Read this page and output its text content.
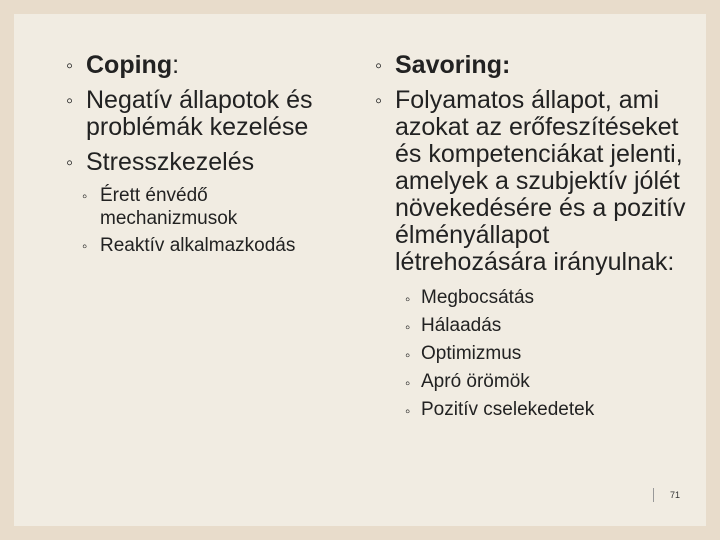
◦
Coping:
◦
Negatív állapotok és problémák kezelése
◦
Stresszkezelés
◦
Érett énvédő mechanizmusok
◦
Reaktív alkalmazkodás
◦
Savoring:
◦
Folyamatos állapot, ami azokat az erőfeszítéseket és kompetenciákat jelenti, amelyek a szubjektív jólét növekedésére és a pozitív élményállapot létrehozására irányulnak:
◦
Megbocsátás
◦
Hálaadás
◦
Optimizmus
◦
Apró örömök
◦
Pozitív cselekedetek
71
